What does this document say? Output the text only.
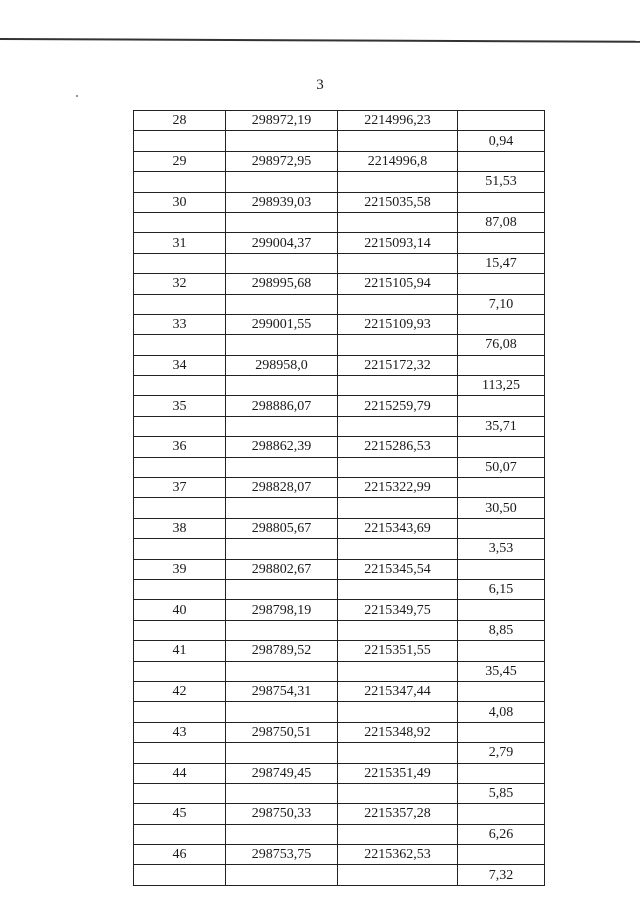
3
28	298972,19	2214996,23	
			0,94
29	298972,95	2214996,8	
			51,53
30	298939,03	2215035,58	
			87,08
31	299004,37	2215093,14	
			15,47
32	298995,68	2215105,94	
			7,10
33	299001,55	2215109,93	
			76,08
34	298958,0	2215172,32	
			113,25
35	298886,07	2215259,79	
			35,71
36	298862,39	2215286,53	
			50,07
37	298828,07	2215322,99	
			30,50
38	298805,67	2215343,69	
			3,53
39	298802,67	2215345,54	
			6,15
40	298798,19	2215349,75	
			8,85
41	298789,52	2215351,55	
			35,45
42	298754,31	2215347,44	
			4,08
43	298750,51	2215348,92	
			2,79
44	298749,45	2215351,49	
			5,85
45	298750,33	2215357,28	
			6,26
46	298753,75	2215362,53	
			7,32
